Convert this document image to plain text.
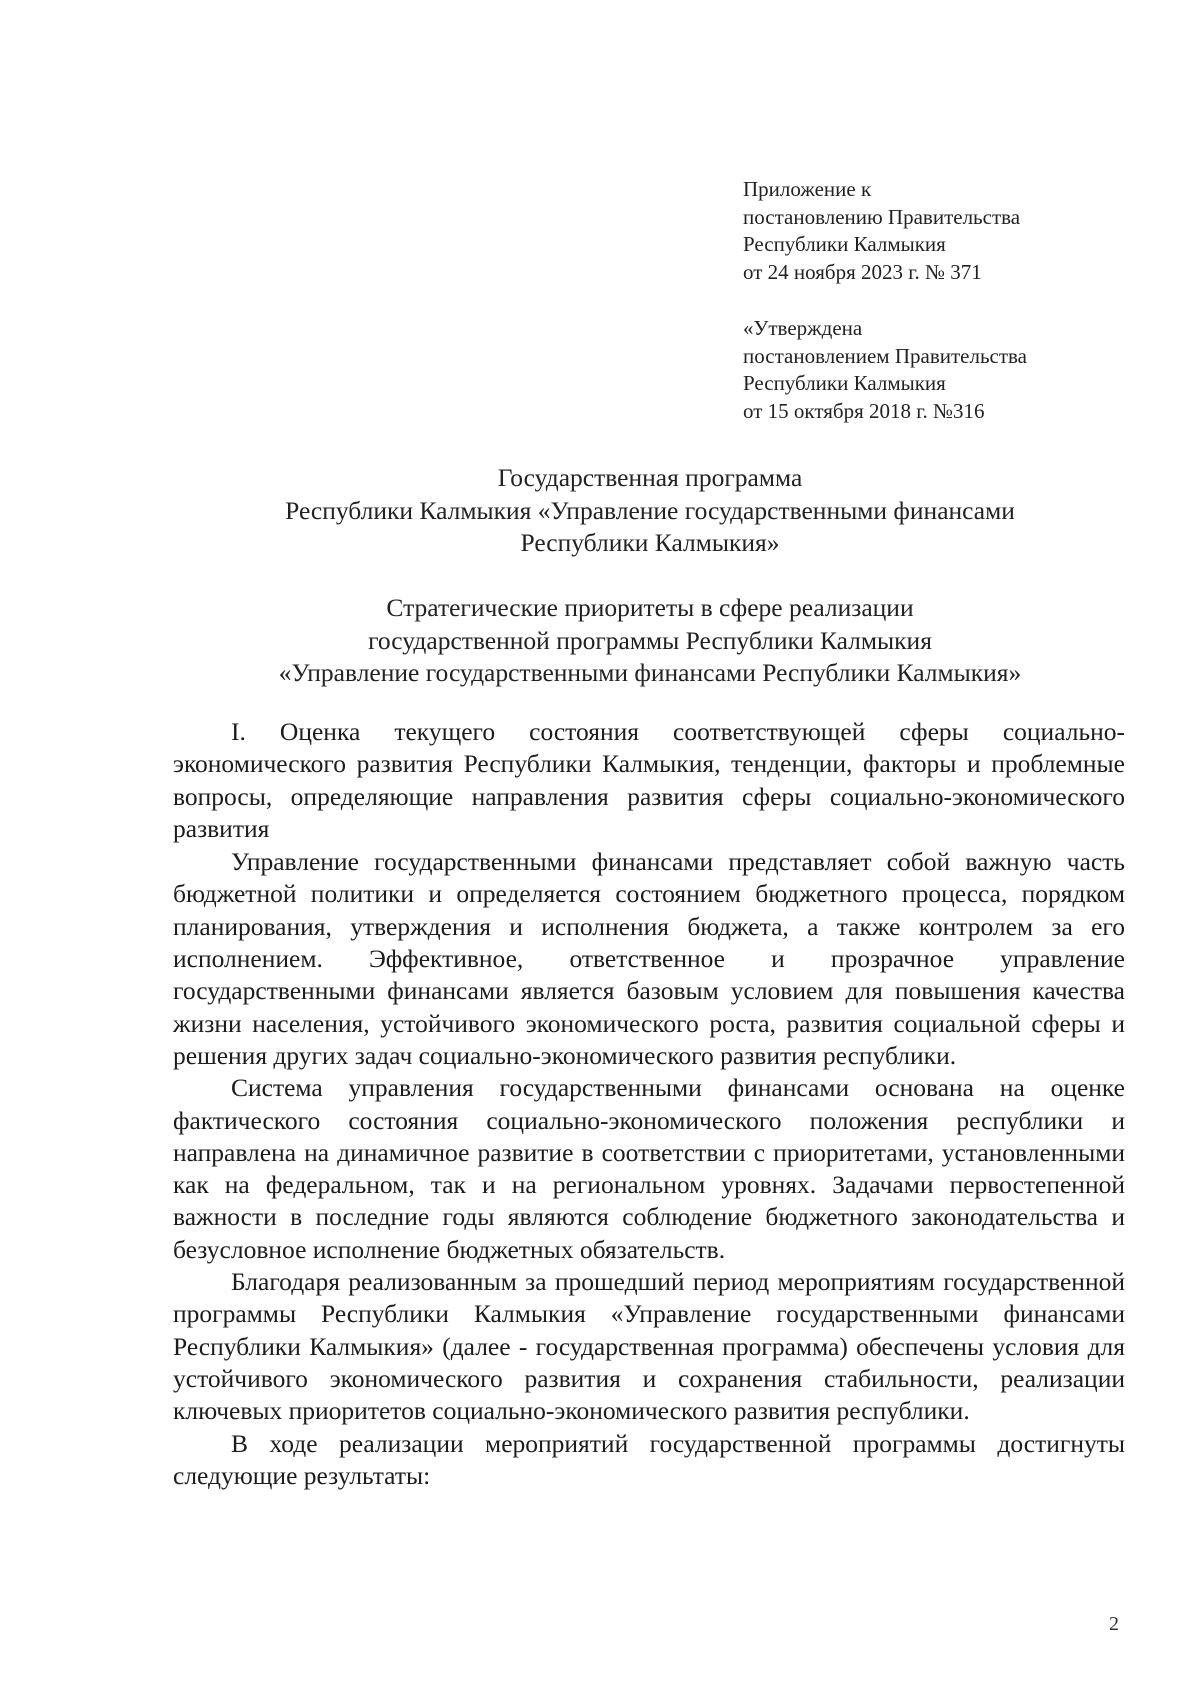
Приложение к
постановлению Правительства
Республики Калмыкия
от 24 ноября 2023 г. № 371
«Утверждена
постановлением Правительства
Республики Калмыкия
от 15 октября 2018 г. №316
Государственная программа
Республики Калмыкия «Управление государственными финансами
Республики Калмыкия»
Стратегические приоритеты в сфере реализации
государственной программы Республики Калмыкия
«Управление государственными финансами Республики Калмыкия»

I. Оценка текущего состояния соответствующей сферы социально-экономического развития Республики Калмыкия, тенденции, факторы и проблемные вопросы, определяющие направления развития сферы социально-экономического развития

Управление государственными финансами представляет собой важную часть бюджетной политики и определяется состоянием бюджетного процесса, порядком планирования, утверждения и исполнения бюджета, а также контролем за его исполнением. Эффективное, ответственное и прозрачное управление государственными финансами является базовым условием для повышения качества жизни населения, устойчивого экономического роста, развития социальной сферы и решения других задач социально-экономического развития республики.

Система управления государственными финансами основана на оценке фактического состояния социально-экономического положения республики и направлена на динамичное развитие в соответствии с приоритетами, установленными как на федеральном, так и на региональном уровнях. Задачами первостепенной важности в последние годы являются соблюдение бюджетного законодательства и безусловное исполнение бюджетных обязательств.

Благодаря реализованным за прошедший период мероприятиям государственной программы Республики Калмыкия «Управление государственными финансами Республики Калмыкия» (далее - государственная программа) обеспечены условия для устойчивого экономического развития и сохранения стабильности, реализации ключевых приоритетов социально-экономического развития республики.

В ходе реализации мероприятий государственной программы достигнуты следующие результаты:

2
